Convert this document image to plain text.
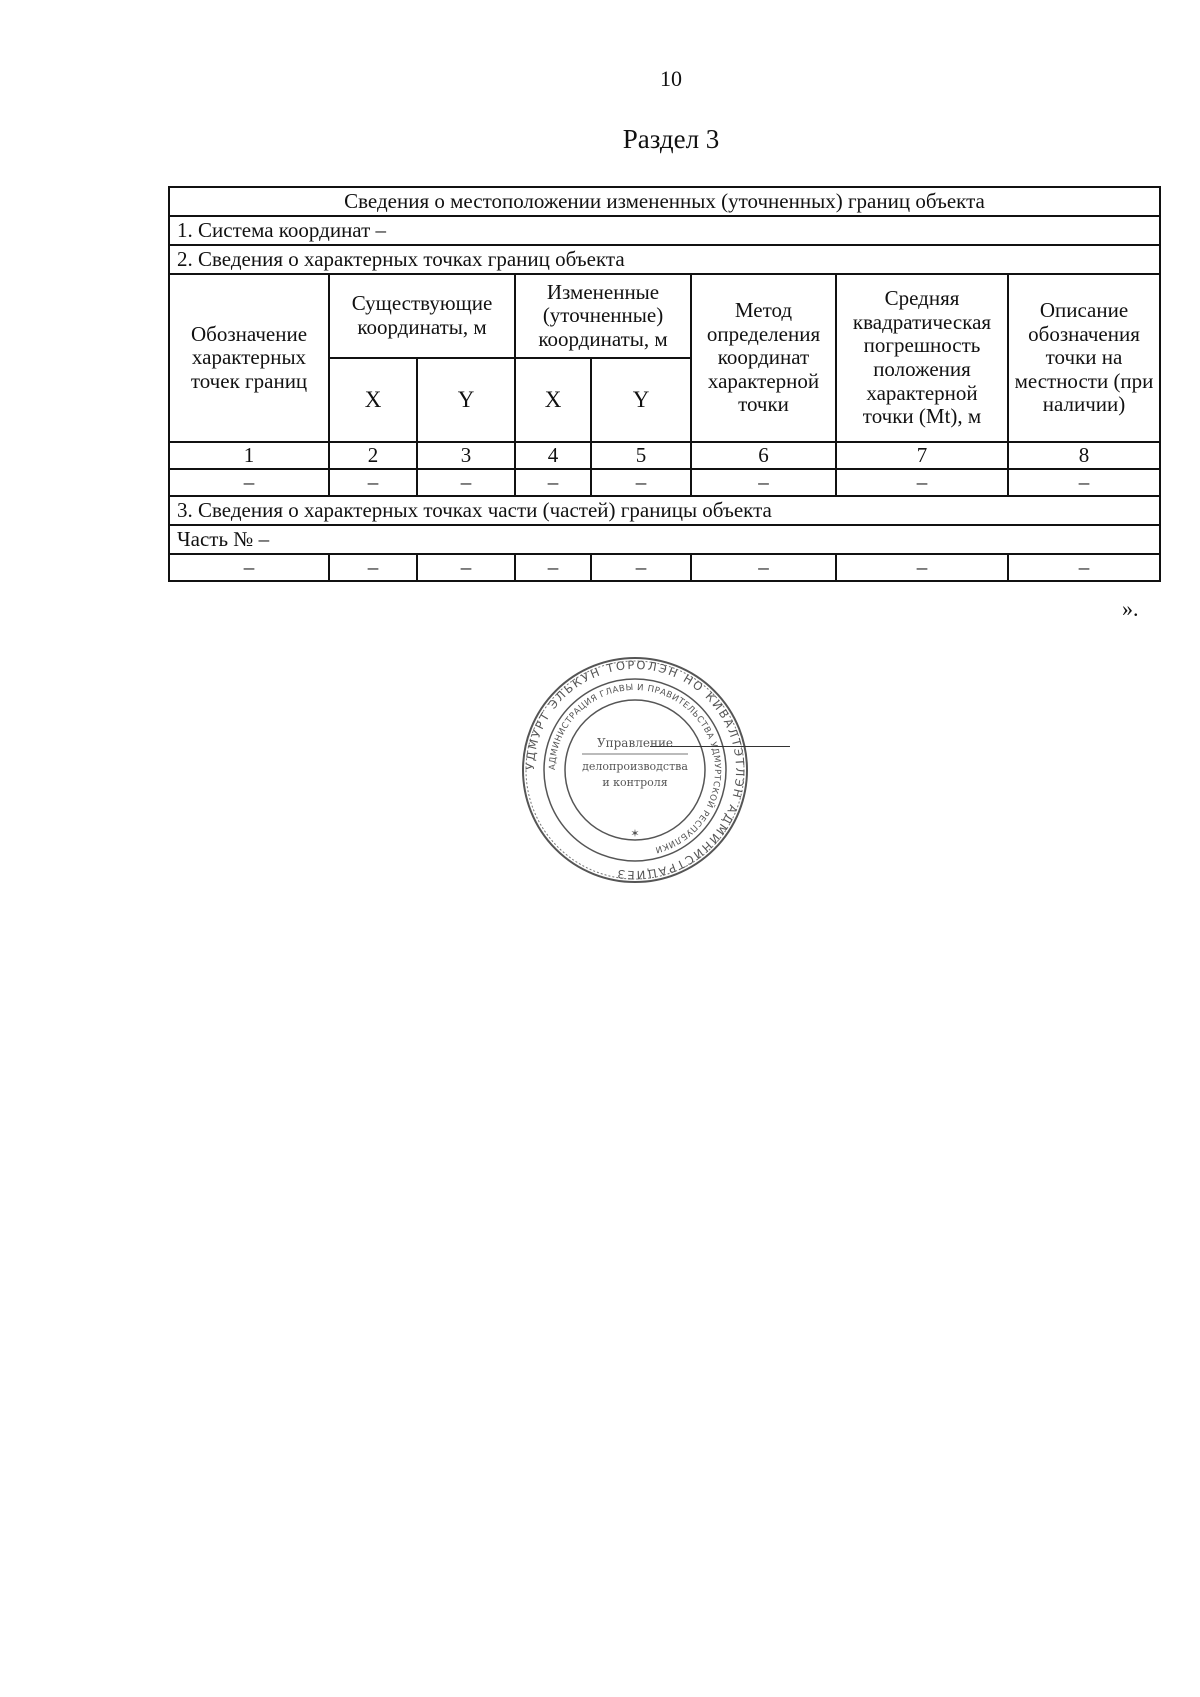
10
Раздел 3
Сведения о местоположении измененных (уточненных) границ объекта							
1. Система координат –							
2. Сведения о характерных точках границ объекта							
Обозначение характерных точек границ	Существующие координаты, м		Измененные (уточненные) координаты, м		Метод определения координат характерной точки	Средняя квадратическая погрешность положения характерной точки (Mt), м	Описание обозначения точки на местности (при наличии)
	X	Y	X	Y			
1	2	3	4	5	6	7	8
–	–	–	–	–	–	–	–
3. Сведения о характерных точках части (частей) границы объекта							
Часть № –							
–	–	–	–	–	–	–	–
».
УДМУРТ ЭЛЬКУН ТОРОЛЭН НО КИВАЛТЭТЛЭН АДМИНИСТРАЦИЕЗ
АДМИНИСТРАЦИЯ ГЛАВЫ И ПРАВИТЕЛЬСТВА УДМУРТСКОЙ РЕСПУБЛИКИ
Управление
делопроизводства
и контроля
✶
